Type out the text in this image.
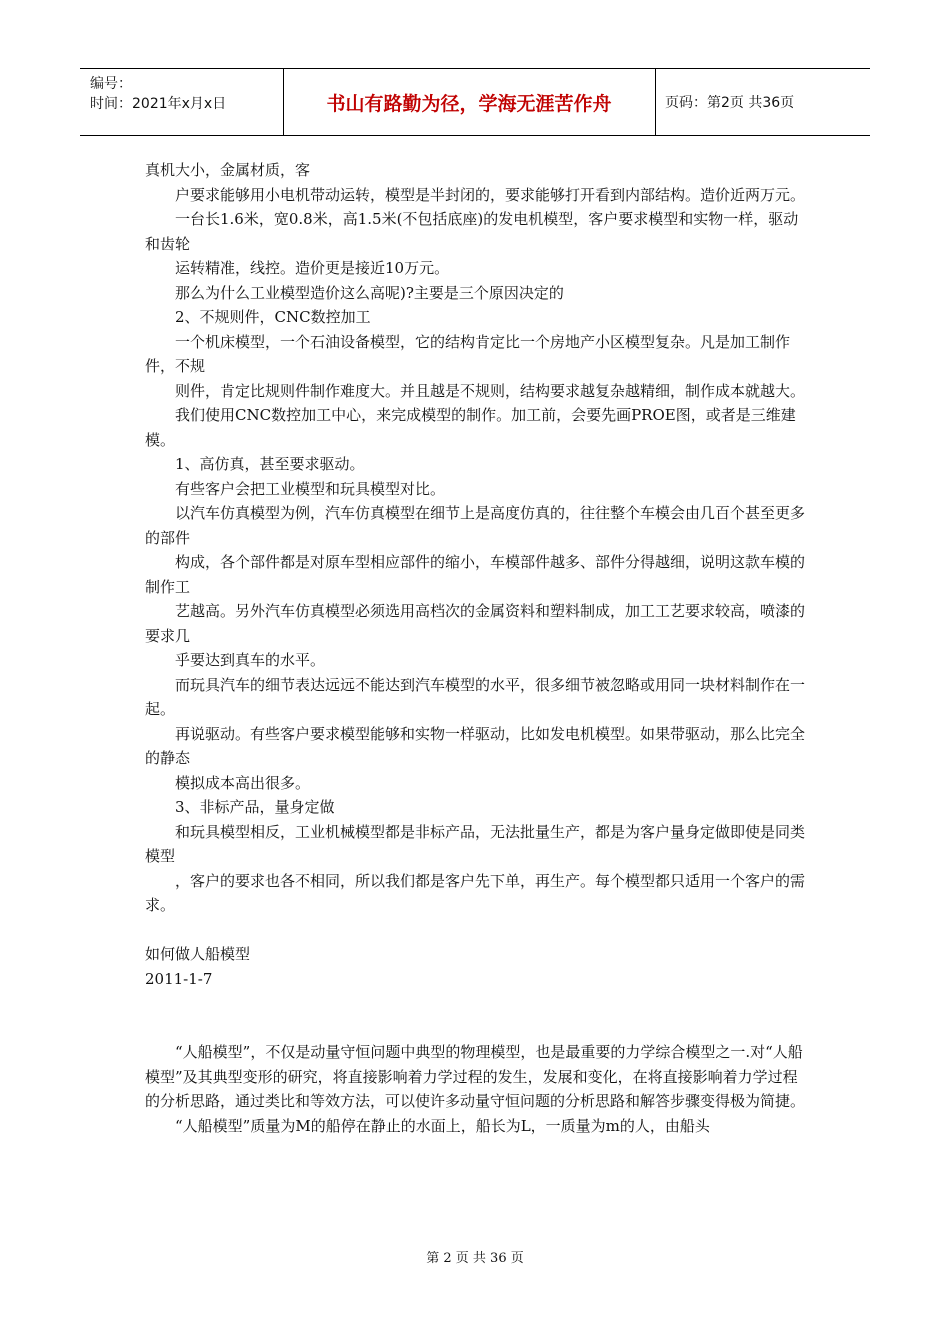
编号：
时间：2021年x月x日	书山有路勤为径，学海无涯苦作舟	页码：第2页 共36页

真机大小，金属材质，客

户要求能够用小电机带动运转，模型是半封闭的，要求能够打开看到内部结构。造价近两万元。

一台长1.6米，宽0.8米，高1.5米(不包括底座)的发电机模型，客户要求模型和实物一样，驱动和齿轮

运转精准，线控。造价更是接近10万元。

那么为什么工业模型造价这么高呢)?主要是三个原因决定的

2、不规则件，CNC数控加工

一个机床模型，一个石油设备模型，它的结构肯定比一个房地产小区模型复杂。凡是加工制作件，不规

则件，肯定比规则件制作难度大。并且越是不规则，结构要求越复杂越精细，制作成本就越大。

我们使用CNC数控加工中心，来完成模型的制作。加工前，会要先画PROE图，或者是三维建模。

1、高仿真，甚至要求驱动。

有些客户会把工业模型和玩具模型对比。

以汽车仿真模型为例，汽车仿真模型在细节上是高度仿真的，往往整个车模会由几百个甚至更多的部件

构成，各个部件都是对原车型相应部件的缩小，车模部件越多、部件分得越细，说明这款车模的制作工

艺越高。另外汽车仿真模型必须选用高档次的金属资料和塑料制成，加工工艺要求较高，喷漆的要求几

乎要达到真车的水平。

而玩具汽车的细节表达远远不能达到汽车模型的水平，很多细节被忽略或用同一块材料制作在一起。

再说驱动。有些客户要求模型能够和实物一样驱动，比如发电机模型。如果带驱动，那么比完全的静态

模拟成本高出很多。

3、非标产品，量身定做

和玩具模型相反，工业机械模型都是非标产品，无法批量生产，都是为客户量身定做即使是同类模型

，客户的要求也各不相同，所以我们都是客户先下单，再生产。每个模型都只适用一个客户的需求。

如何做人船模型

2011-1-7

“人船模型”，不仅是动量守恒问题中典型的物理模型，也是最重要的力学综合模型之一.对“人船模型”及其典型变形的研究，将直接影响着力学过程的发生，发展和变化，在将直接影响着力学过程的分析思路，通过类比和等效方法，可以使许多动量守恒问题的分析思路和解答步骤变得极为简捷。

“人船模型”质量为M的船停在静止的水面上，船长为L，一质量为m的人，由船头

第 2 页 共 36 页
